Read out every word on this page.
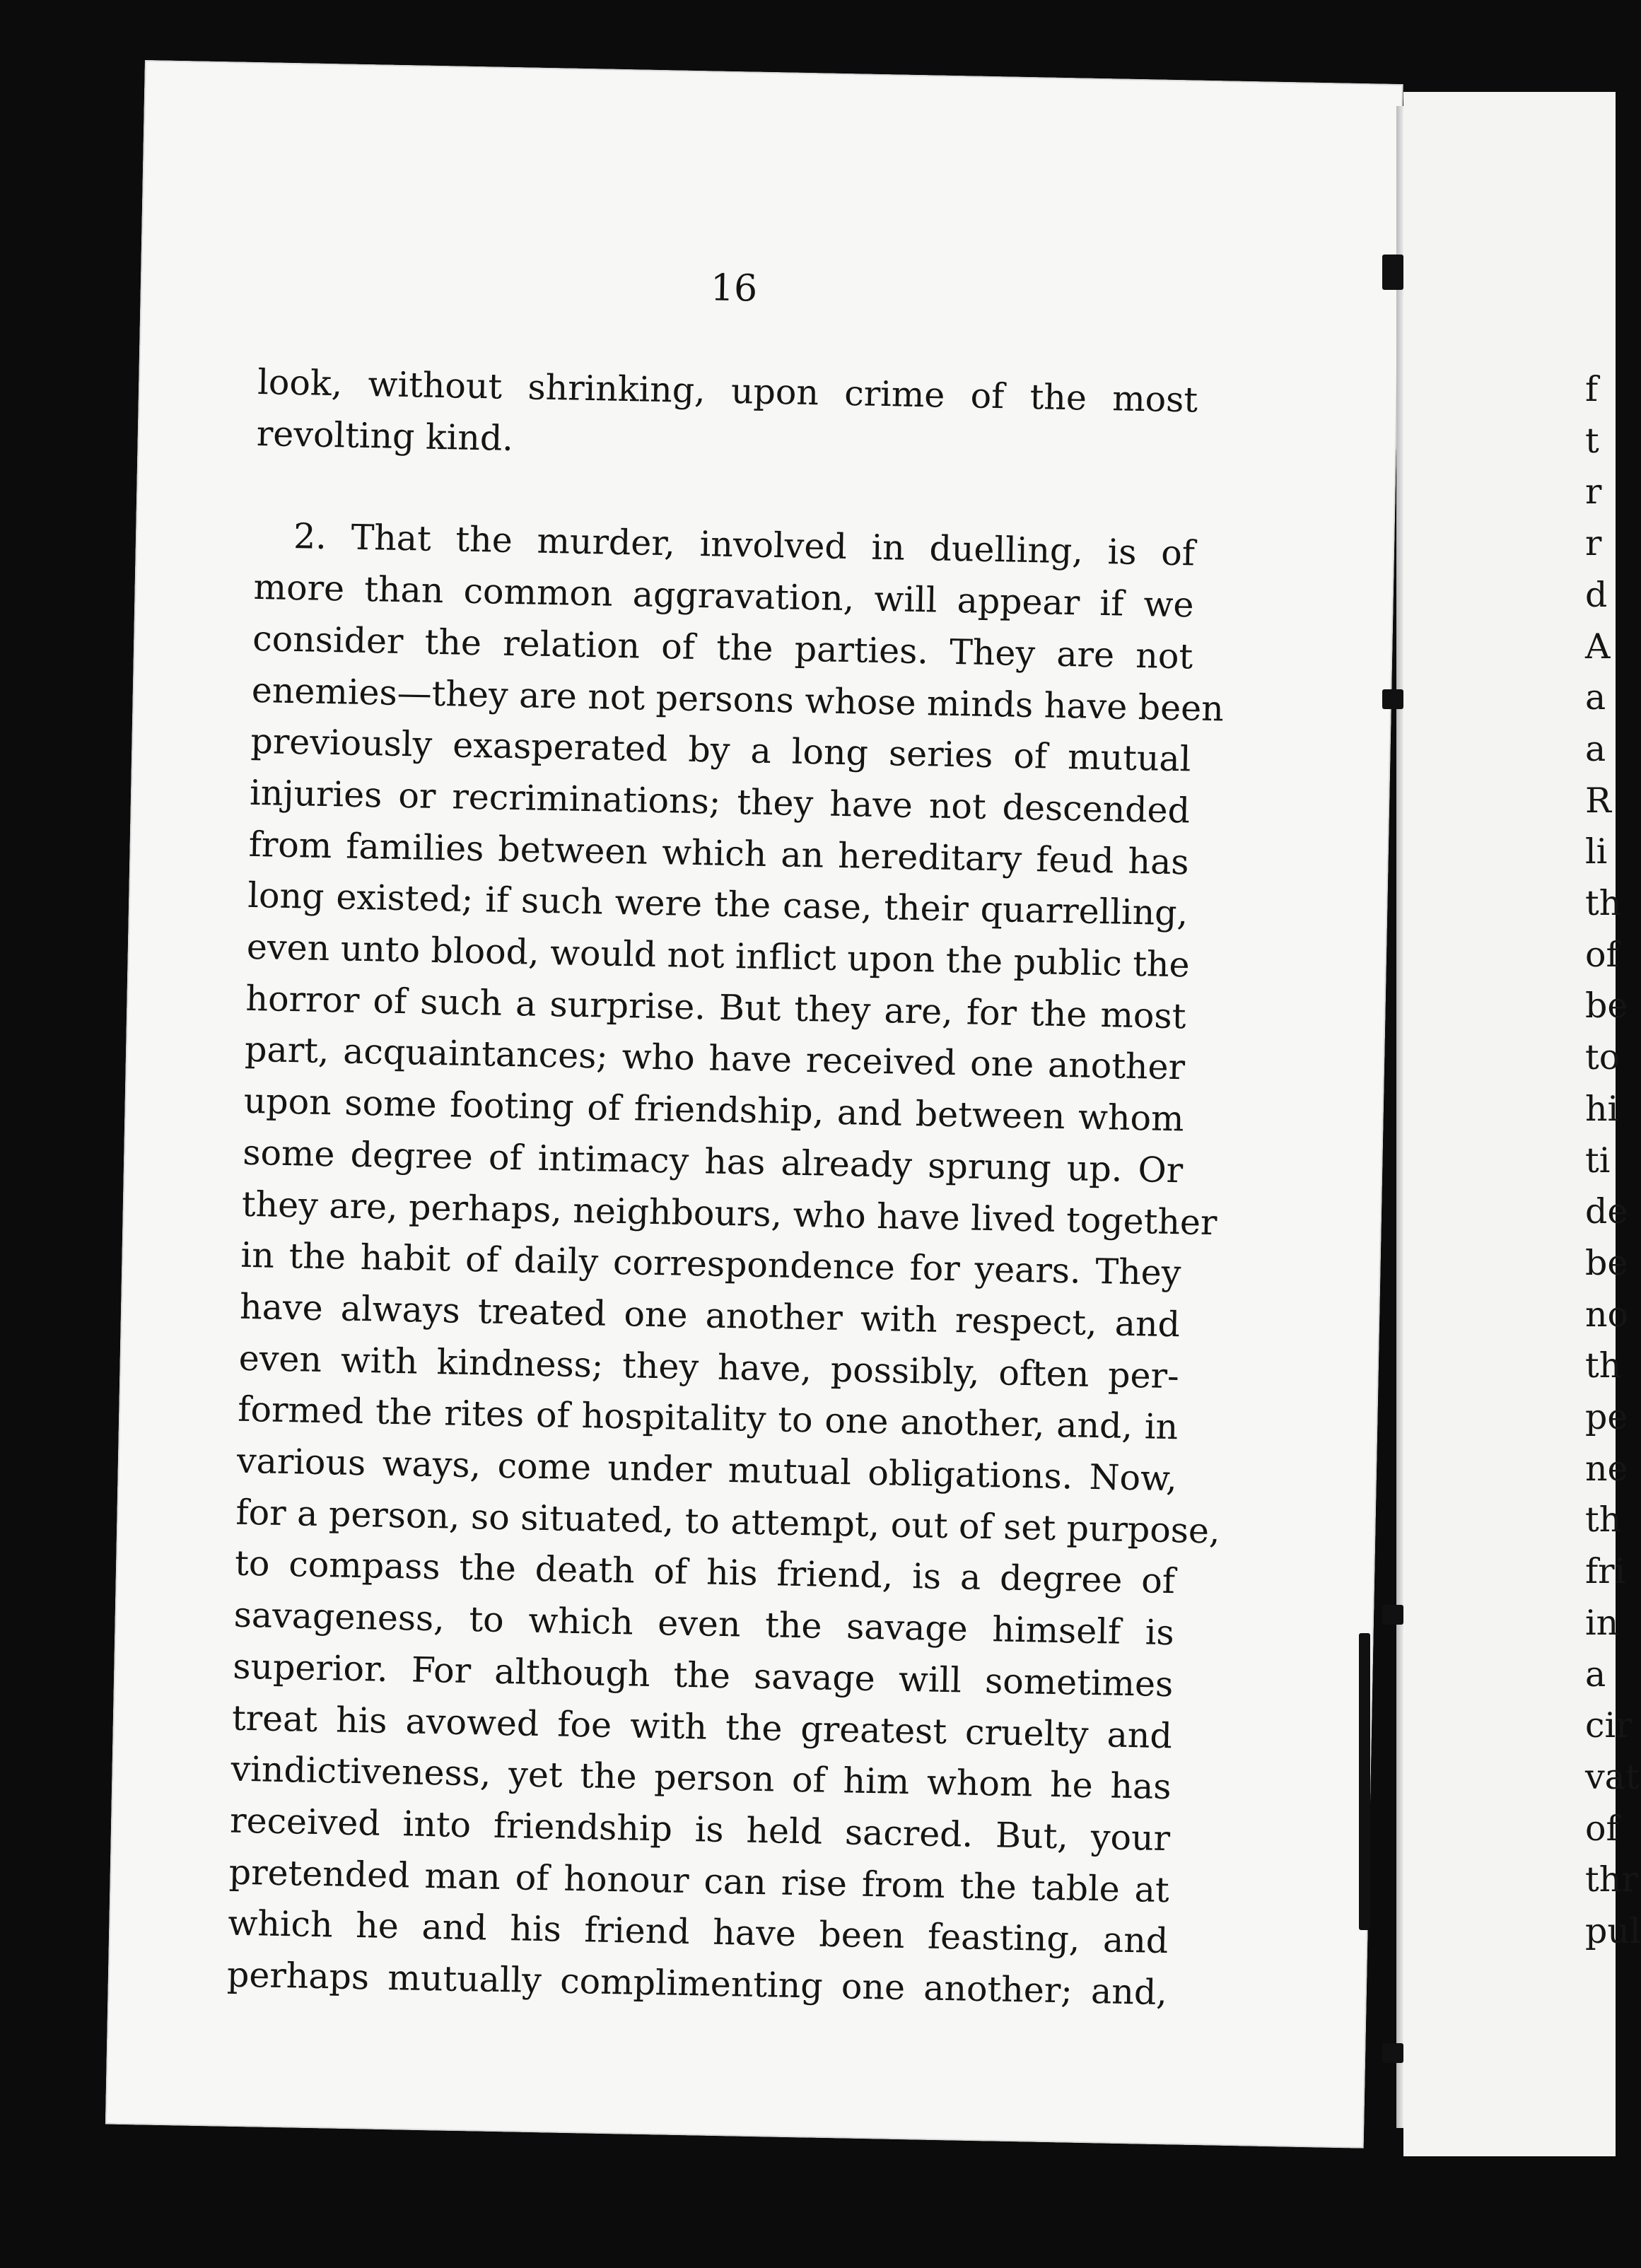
16
look, without shrinking, upon crime of the most
revolting kind.
2. That the murder, involved in duelling, is of
more than common aggravation, will appear if we
consider the relation of the parties. They are not
enemies—they are not persons whose minds have been
previously exasperated by a long series of mutual
injuries or recriminations; they have not descended
from families between which an hereditary feud has
long existed; if such were the case, their quarrelling,
even unto blood, would not inflict upon the public the
horror of such a surprise. But they are, for the most
part, acquaintances; who have received one another
upon some footing of friendship, and between whom
some degree of intimacy has already sprung up. Or
they are, perhaps, neighbours, who have lived together
in the habit of daily correspondence for years. They
have always treated one another with respect, and
even with kindness; they have, possibly, often per-
formed the rites of hospitality to one another, and, in
various ways, come under mutual obligations. Now,
for a person, so situated, to attempt, out of set purpose,
to compass the death of his friend, is a degree of
savageness, to which even the savage himself is
superior. For although the savage will sometimes
treat his avowed foe with the greatest cruelty and
vindictiveness, yet the person of him whom he has
received into friendship is held sacred. But, your
pretended man of honour can rise from the table at
which he and his friend have been feasting, and
perhaps mutually complimenting one another; and,
f
t
r
r
d
A
a
a
R
li
th
of
be
to
hi
ti
de
be
no
th
pe
ne
th
fri
in
a
cir
vat
of
thr
pul
